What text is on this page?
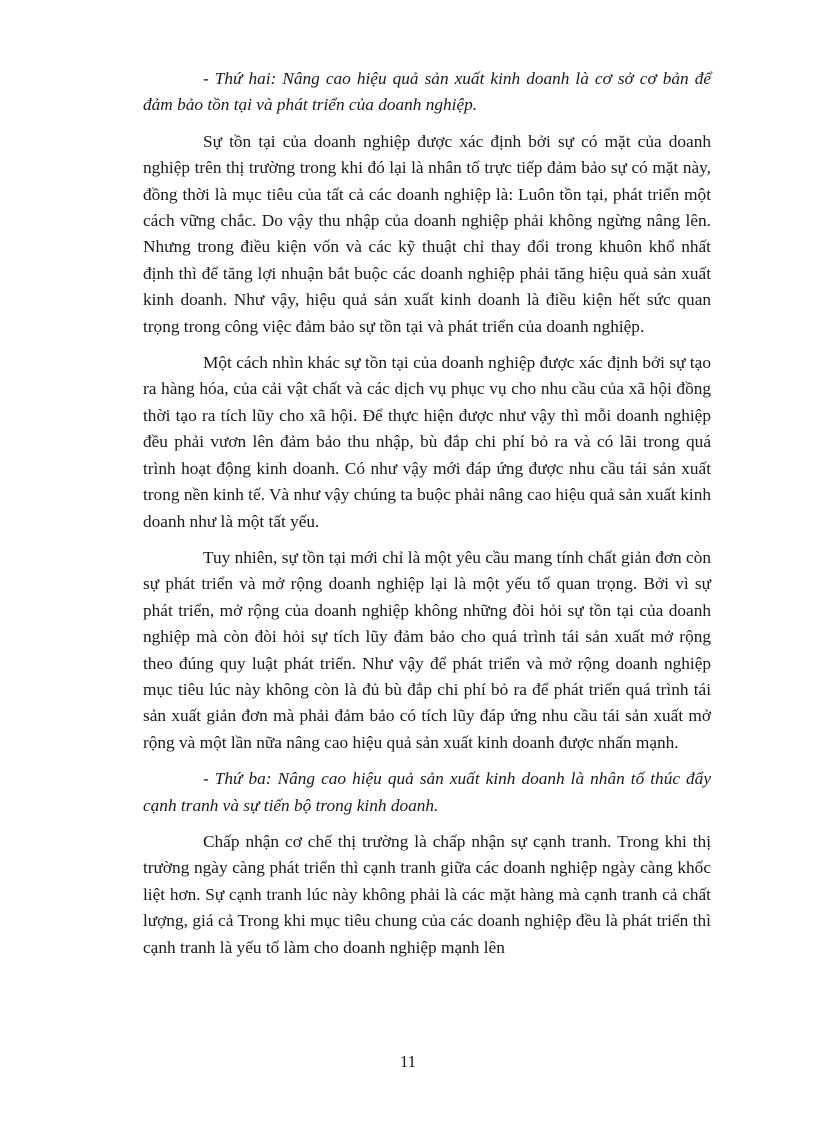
- Thứ hai: Nâng cao hiệu quả sản xuất kinh doanh là cơ sở cơ bản để đảm bảo tồn tại và phát triển của doanh nghiệp.

Sự tồn tại của doanh nghiệp được xác định bởi sự có mặt của doanh nghiệp trên thị trường trong khi đó lại là nhân tố trực tiếp đảm bảo sự có mặt này, đồng thời là mục tiêu của tất cả các doanh nghiệp là: Luôn tồn tại, phát triển một cách vững chắc. Do vậy thu nhập của doanh nghiệp phải không ngừng nâng lên. Nhưng trong điều kiện vốn và các kỹ thuật chỉ thay đổi trong khuôn khổ nhất định thì để tăng lợi nhuận bắt buộc các doanh nghiệp phải tăng hiệu quả sản xuất kinh doanh. Như vậy, hiệu quả sản xuất kinh doanh là điều kiện hết sức quan trọng trong công việc đảm bảo sự tồn tại và phát triển của doanh nghiệp.

Một cách nhìn khác sự tồn tại của doanh nghiệp được xác định bởi sự tạo ra hàng hóa, của cải vật chất và các dịch vụ phục vụ cho nhu cầu của xã hội đồng thời tạo ra tích lũy cho xã hội. Để thực hiện được như vậy thì mỗi doanh nghiệp đều phải vươn lên đảm bảo thu nhập, bù đắp chi phí bỏ ra và có lãi trong quá trình hoạt động kinh doanh. Có như vậy mới đáp ứng được nhu cầu tái sản xuất trong nền kinh tế. Và như vậy chúng ta buộc phải nâng cao hiệu quả sản xuất kinh doanh như là một tất yếu.

Tuy nhiên, sự tồn tại mới chỉ là một yêu cầu mang tính chất giản đơn còn sự phát triển và mở rộng doanh nghiệp lại là một yếu tố quan trọng. Bởi vì sự phát triển, mở rộng của doanh nghiệp không những đòi hỏi sự tồn tại của doanh nghiệp mà còn đòi hỏi sự tích lũy đảm bảo cho quá trình tái sản xuất mở rộng theo đúng quy luật phát triển. Như vậy để phát triển và mở rộng doanh nghiệp mục tiêu lúc này không còn là đủ bù đắp chi phí bỏ ra để phát triển quá trình tái sản xuất giản đơn mà phải đảm bảo có tích lũy đáp ứng nhu cầu tái sản xuất mở rộng và một lần nữa nâng cao hiệu quả sản xuất kinh doanh được nhấn mạnh.

- Thứ ba: Nâng cao hiệu quả sản xuất kinh doanh là nhân tố thúc đẩy cạnh tranh và sự tiến bộ trong kinh doanh.

Chấp nhận cơ chế thị trường là chấp nhận sự cạnh tranh. Trong khi thị trường ngày càng phát triển thì cạnh tranh giữa các doanh nghiệp ngày càng khốc liệt hơn. Sự cạnh tranh lúc này không phải là các mặt hàng mà cạnh tranh cả chất lượng, giá cả Trong khi mục tiêu chung của các doanh nghiệp đều là phát triển thì cạnh tranh là yếu tố làm cho doanh nghiệp mạnh lên

11
